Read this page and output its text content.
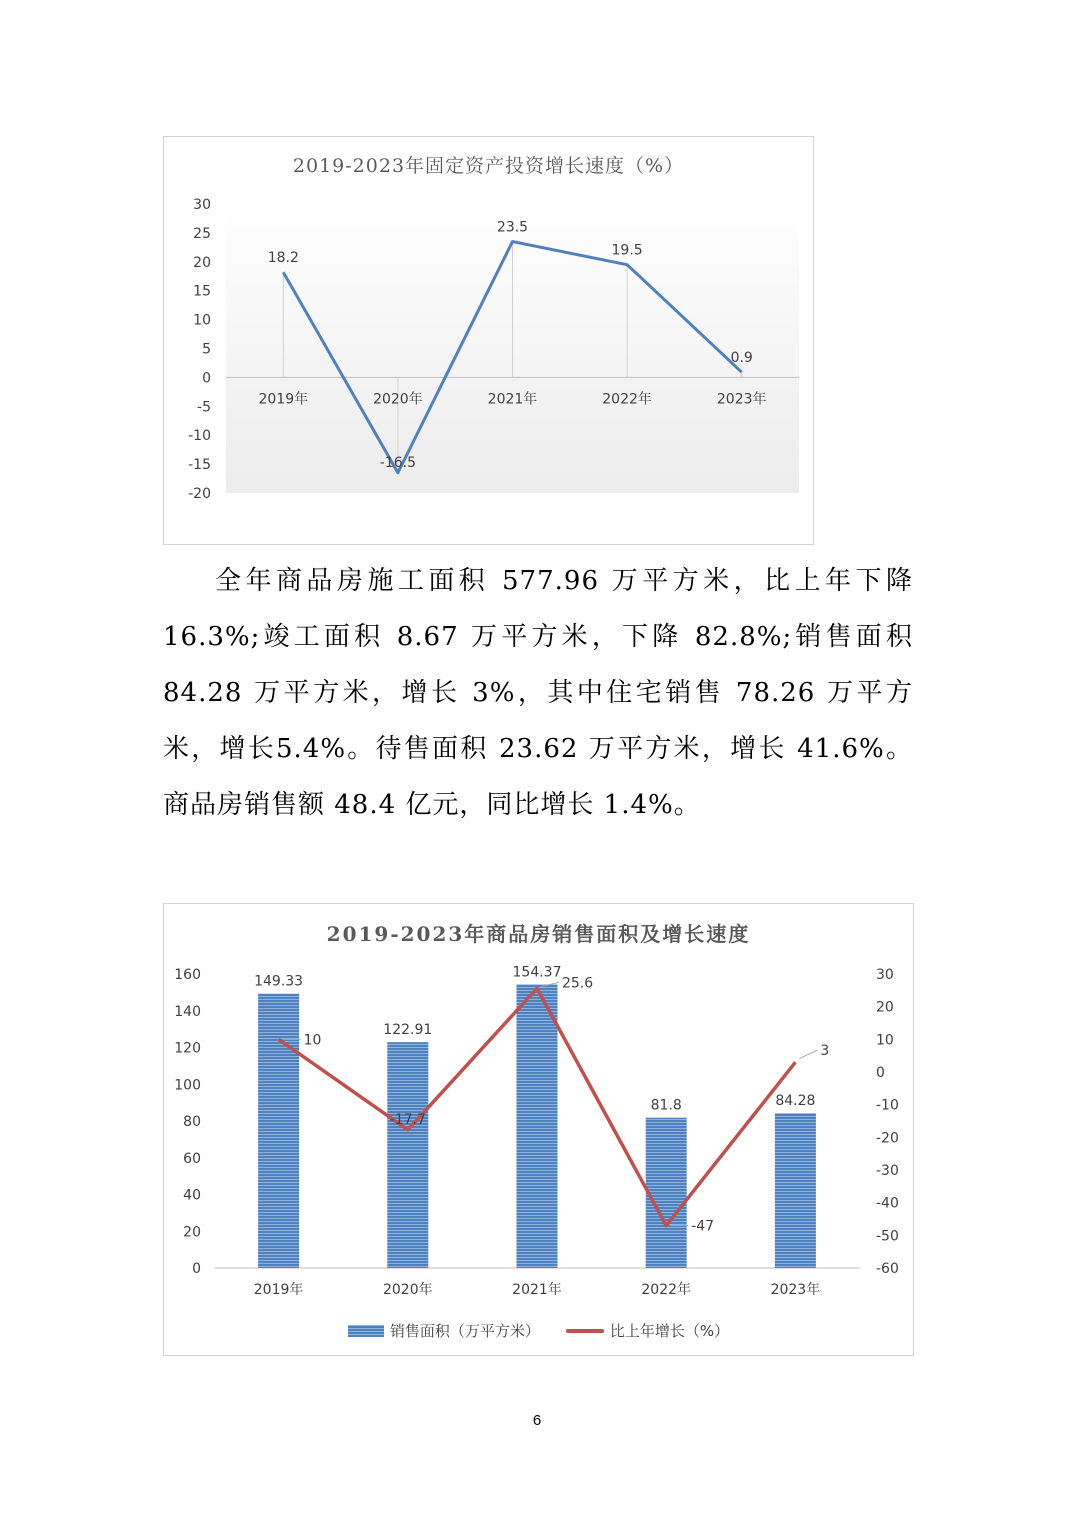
2019-2023年固定资产投资增长速度（%）
30
25
20
15
10
5
0
-5
-10
-15
-20
2019年	2020年	2021年	2022年	2023年
18.2
-16.5
23.5
19.5
0.9

全年商品房施工面积 577.96 万平方米，比上年下降16.3%;竣工面积 8.67 万平方米，下降 82.8%;销售面积 84.28 万平方米，增长 3%，其中住宅销售 78.26 万平方米，增长5.4%。待售面积 23.62 万平方米，增长 41.6%。商品房销售额 48.4 亿元，同比增长 1.4%。

2019-2023年商品房销售面积及增长速度
160
140
120
100
80
60
40
20
0
30
20
10
0
-10
-20
-30
-40
-50
-60
2019年	2020年	2021年	2022年	2023年
149.33
122.91
154.37
81.8	84.28
10
-17.7
25.6
-47
3
销售面积（万平方米）	比上年增长（%）
6
